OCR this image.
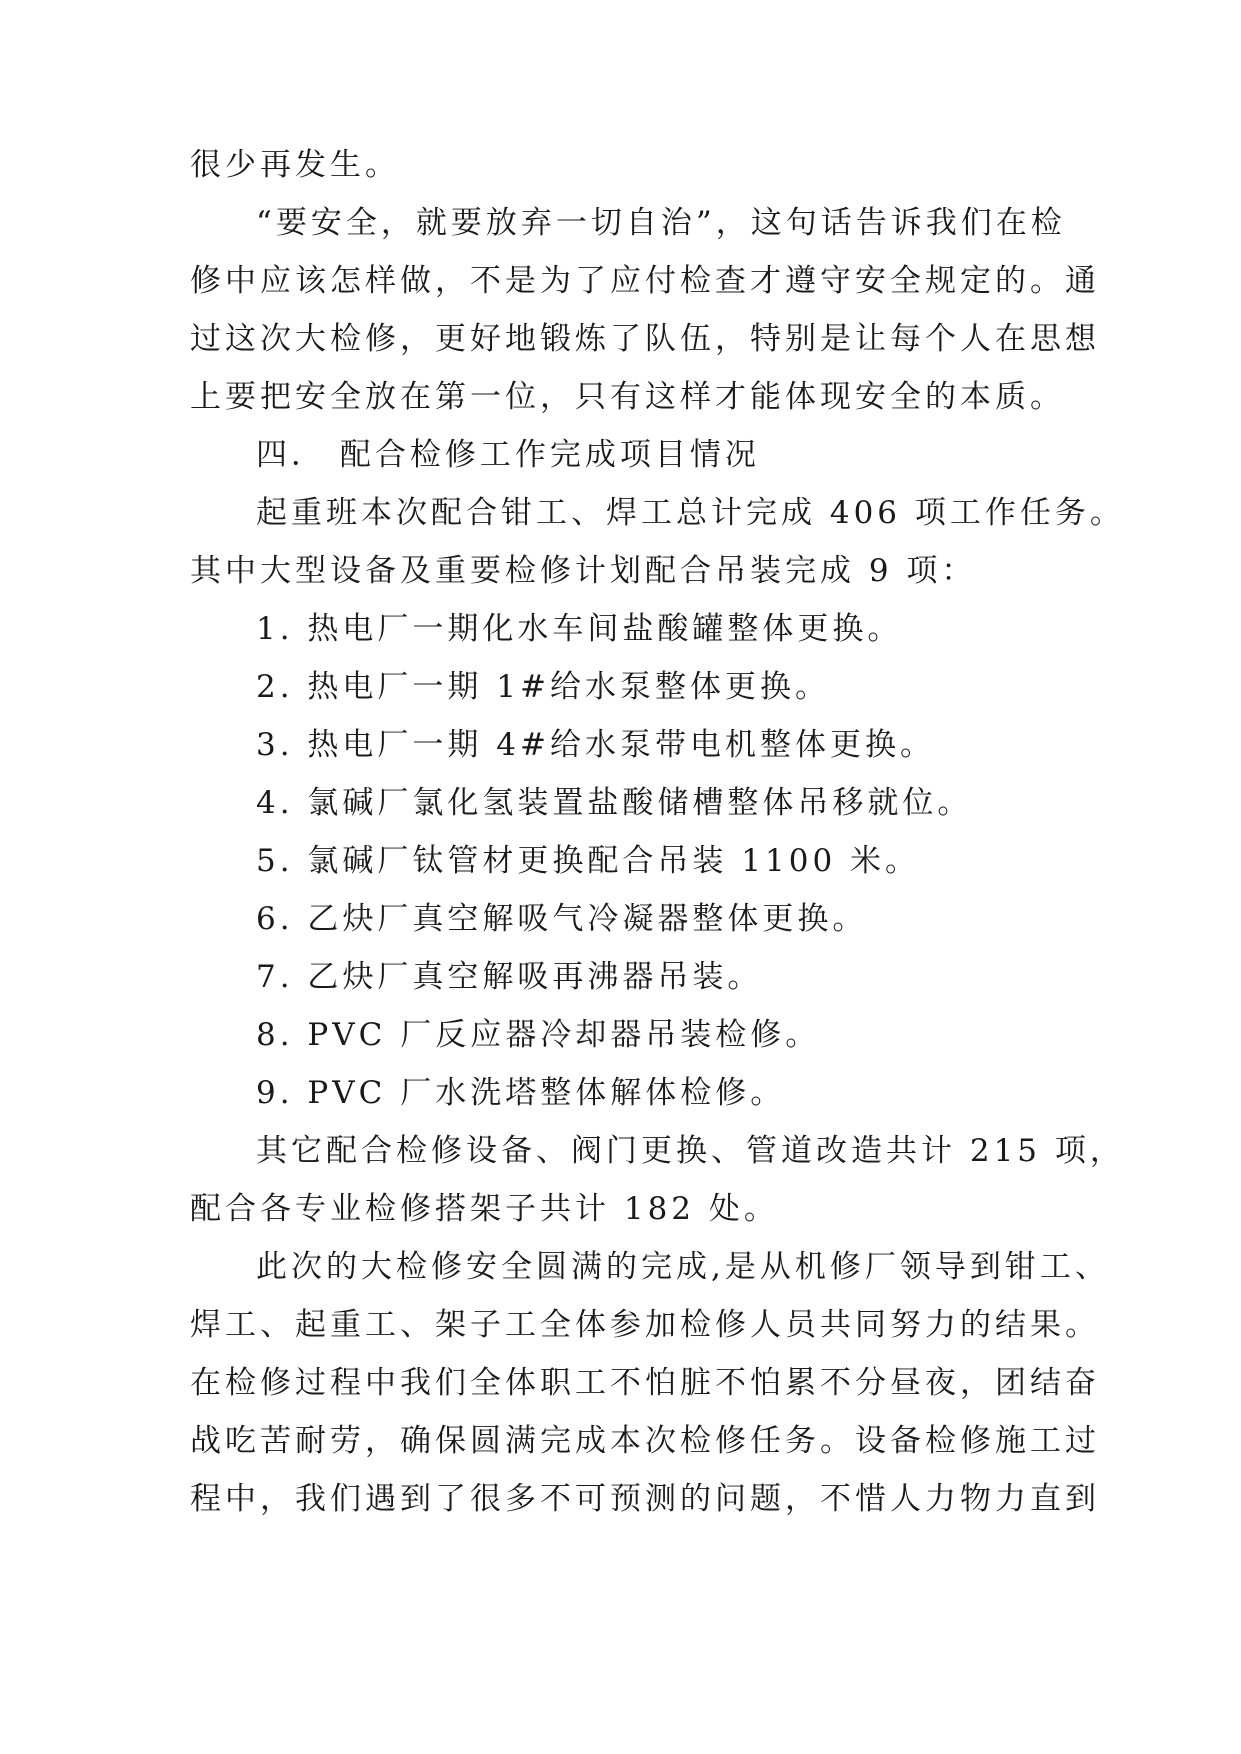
很少再发生。
“要安全，就要放弃一切自治”，这句话告诉我们在检
修中应该怎样做，不是为了应付检查才遵守安全规定的。通
过这次大检修，更好地锻炼了队伍，特别是让每个人在思想
上要把安全放在第一位，只有这样才能体现安全的本质。
四． 配合检修工作完成项目情况
起重班本次配合钳工、焊工总计完成 406 项工作任务。
其中大型设备及重要检修计划配合吊装完成 9 项：
1. 热电厂一期化水车间盐酸罐整体更换。
2. 热电厂一期 1#给水泵整体更换。
3. 热电厂一期 4#给水泵带电机整体更换。
4. 氯碱厂氯化氢装置盐酸储槽整体吊移就位。
5. 氯碱厂钛管材更换配合吊装 1100 米。
6. 乙炔厂真空解吸气冷凝器整体更换。
7. 乙炔厂真空解吸再沸器吊装。
8. PVC 厂反应器冷却器吊装检修。
9. PVC 厂水洗塔整体解体检修。
其它配合检修设备、阀门更换、管道改造共计 215 项，
配合各专业检修搭架子共计 182 处。
此次的大检修安全圆满的完成,是从机修厂领导到钳工、
焊工、起重工、架子工全体参加检修人员共同努力的结果。
在检修过程中我们全体职工不怕脏不怕累不分昼夜，团结奋
战吃苦耐劳，确保圆满完成本次检修任务。设备检修施工过
程中，我们遇到了很多不可预测的问题，不惜人力物力直到
